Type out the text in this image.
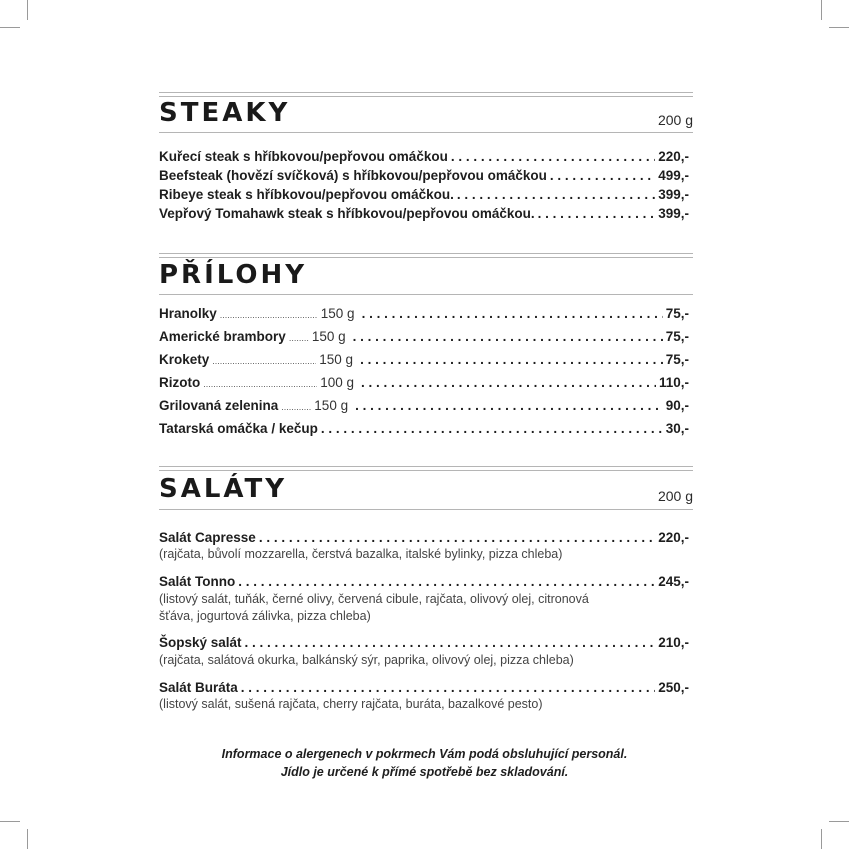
STEAKY	200 g
Kuřecí steak s hříbkovou/pepřovou omáčkou . . .	220,-
Beefsteak (hovězí svíčková) s hříbkovou/pepřovou omáčkou . . .	499,-
Ribeye steak s hříbkovou/pepřovou omáčkou. . . .	399,-
Vepřový Tomahawk steak s hříbkovou/pepřovou omáčkou. . . .	399,-
PŘÍLOHY
Hranolky .....	150 g . . .	75,-
Americké brambory ..... 150 g . . .	75,-
Krokety .....	150 g . . .	75,-
Rizoto .....	100 g . . .	110,-
Grilovaná zelenina .....	150 g . . .	90,-
Tatarská omáčka / kečup . . .	30,-
SALÁTY	200 g
Salát Capresse . . .	220,-
(rajčata, bůvolí mozzarella, čerstvá bazalka, italské bylinky, pizza chleba)
Salát Tonno . . .	245,-
(listový salát, tuňák, černé olivy, červená cibule, rajčata, olivový olej, citronová
šťáva, jogurtová zálivka, pizza chleba)
Šopský salát . . .	210,-
(rajčata, salátová okurka, balkánský sýr, paprika, olivový olej, pizza chleba)
Salát Buráta . . .	250,-
(listový salát, sušená rajčata, cherry rajčata, buráta, bazalkové pesto)
Informace o alergenech v pokrmech Vám podá obsluhující personál.
Jídlo je určené k přímé spotřebě bez skladování.
